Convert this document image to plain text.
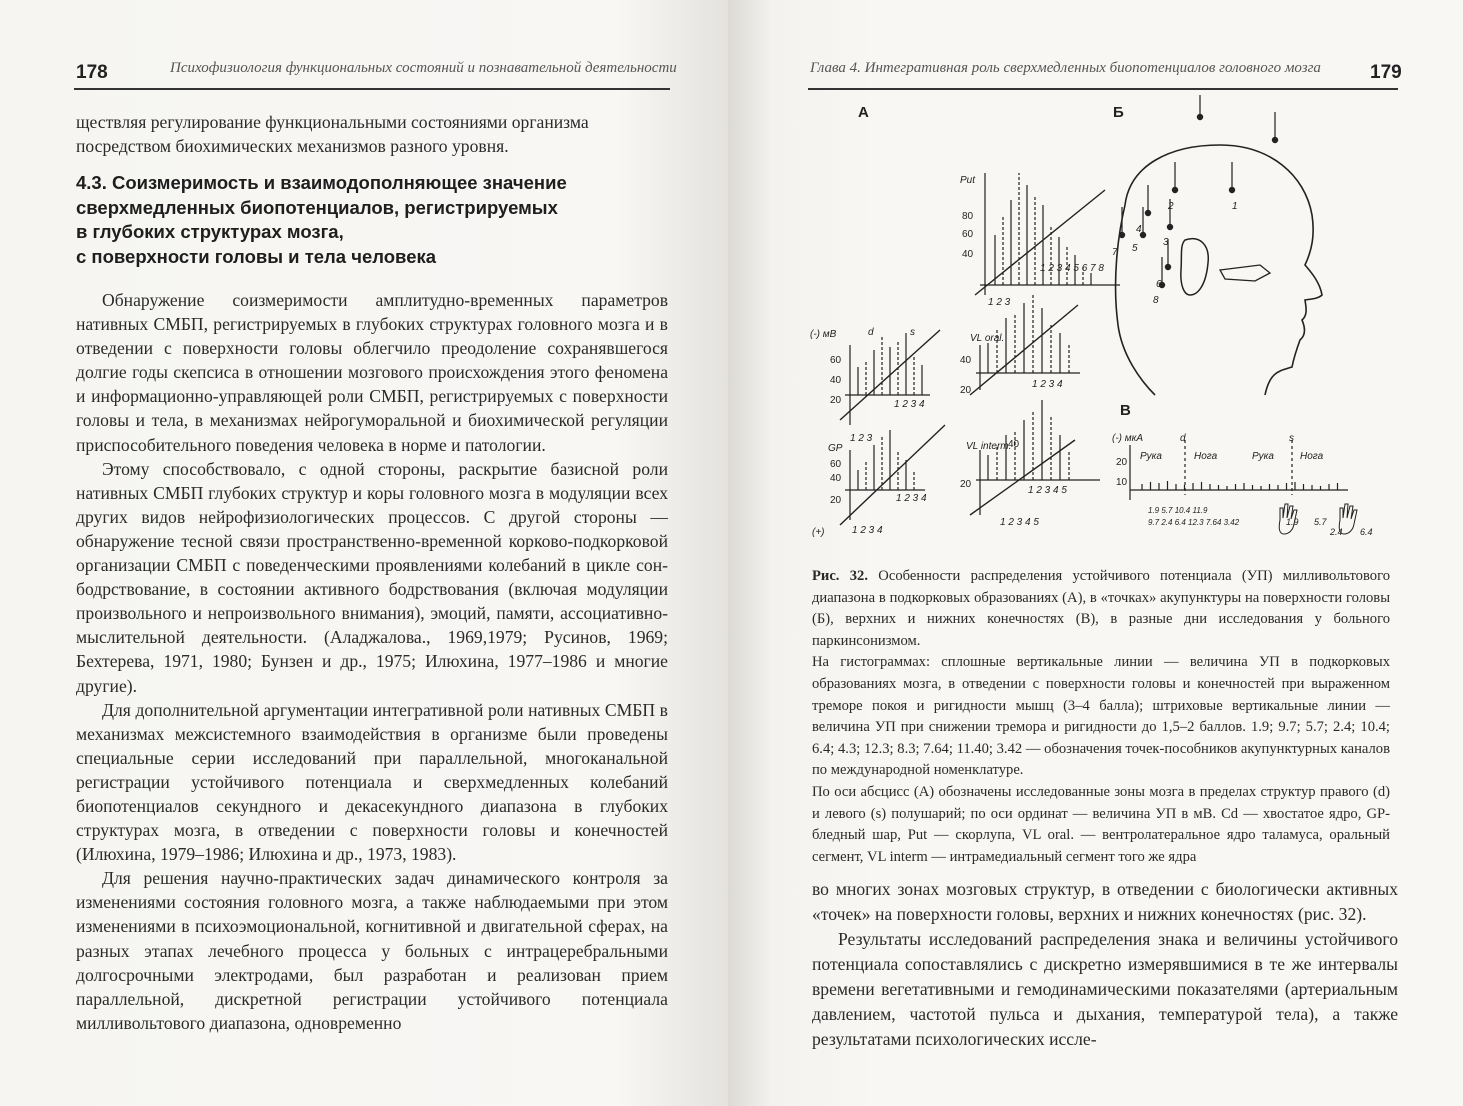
178	Психофизиология функциональных состояний и познавательной деятельности

ществляя регулирование функциональными состояниями организма

посредством биохимических механизмов разного уровня.

4.3. Соизмеримость и взаимодополняющее значение
сверхмедленных биопотенциалов, регистрируемых
в глубоких структурах мозга,
с поверхности головы и тела человека

Обнаружение соизмеримости амплитудно-временных параметров нативных СМБП, регистрируемых в глубоких структурах головного мозга и в отведении с поверхности головы облегчило преодоление сохранявшегося долгие годы скепсиса в отношении мозгового происхождения этого феномена и информационно-управляющей роли СМБП, регистрируемых с поверхности головы и тела, в механизмах нейрогуморальной и биохимической регуляции приспособительного поведения человека в норме и патологии.

Этому способствовало, с одной стороны, раскрытие базисной роли нативных СМБП глубоких структур и коры головного мозга в модуляции всех других видов нейрофизиологических процессов. С другой стороны — обнаружение тесной связи пространственно-временной корково-подкорковой организации СМБП с поведенческими проявлениями колебаний в цикле сон-бодрствование, в состоянии активного бодрствования (включая модуляции произвольного и непроизвольного внимания), эмоций, памяти, ассоциативно-мыслительной деятельности. (Аладжалова., 1969,1979; Русинов, 1969; Бехтерева, 1971, 1980; Бунзен и др., 1975; Илюхина, 1977–1986 и многие другие).

Для дополнительной аргументации интегративной роли нативных СМБП в механизмах межсистемного взаимодействия в организме были проведены специальные серии исследований при параллельной, многоканальной регистрации устойчивого потенциала и сверхмедленных колебаний биопотенциалов секундного и декасекундного диапазона в глубоких структурах мозга, в отведении с поверхности головы и конечностей (Илюхина, 1979–1986; Илюхина и др., 1973, 1983).

Для решения научно-практических задач динамического контроля за изменениями состояния головного мозга, а также наблюдаемыми при этом изменениями в психоэмоциональной, когнитивной и двигательной сферах, на разных этапах лечебного процесса у больных с интрацеребральными долгосрочными электродами, был разработан и реализован прием параллельной, дискретной регистрации устойчивого потенциала милливольтового диапазона, одновременно

Глава 4. Интегративная роль сверхмедленных биопотенциалов головного мозга	179
А	Б
В
Put
80
60
40
1 2 3
1 2 3 4 5 6 7 8
VL oral.
40
20
1 2 3 4
(-) мВ	d	s
60
40
20
1 2 3
1 2 3 4
GP
60
40
20
(+)	1 2 3 4
1 2 3 4
VL interm.
40
20
1 2 3 4 5
1 2 3 4 5
1
2
3
4
5
6
7
8
(-) мкА	d	s
20
10
Рука	Нога	Рука	Нога
1.9 5.7 10.4 11.9
9.7 2.4 6.4 12.3 7.64 3.42	1.9 5.7
2.4 6.4

Рис. 32. Особенности распределения устойчивого потенциала (УП) милливольтового диапазона в подкорковых образованиях (А), в «точках» акупунктуры на поверхности головы (Б), верхних и нижних конечностях (В), в разные дни исследования у больного паркинсонизмом.

На гистограммах: сплошные вертикальные линии — величина УП в подкорковых образованиях мозга, в отведении с поверхности головы и конечностей при выраженном треморе покоя и ригидности мышц (3–4 балла); штриховые вертикальные линии — величина УП при снижении тремора и ригидности до 1,5–2 баллов. 1.9; 9.7; 5.7; 2.4; 10.4; 6.4; 4.3; 12.3; 8.3; 7.64; 11.40; 3.42 — обозначения точек-пособников акупунктурных каналов по международной номенклатуре.

По оси абсцисс (А) обозначены исследованные зоны мозга в пределах структур правого (d) и левого (s) полушарий; по оси ординат — величина УП в мВ. Cd — хвостатое ядро, GP- бледный шар, Put — скорлупа, VL oral. — вентролатеральное ядро таламуса, оральный сегмент, VL interm — интрамедиальный сегмент того же ядра

во многих зонах мозговых структур, в отведении с биологически активных «точек» на поверхности головы, верхних и нижних конечностях (рис. 32).

Результаты исследований распределения знака и величины устойчивого потенциала сопоставлялись с дискретно измерявшимися в те же интервалы времени вегетативными и гемодинамическими показателями (артериальным давлением, частотой пульса и дыхания, температурой тела), а также результатами психологических иссле-
